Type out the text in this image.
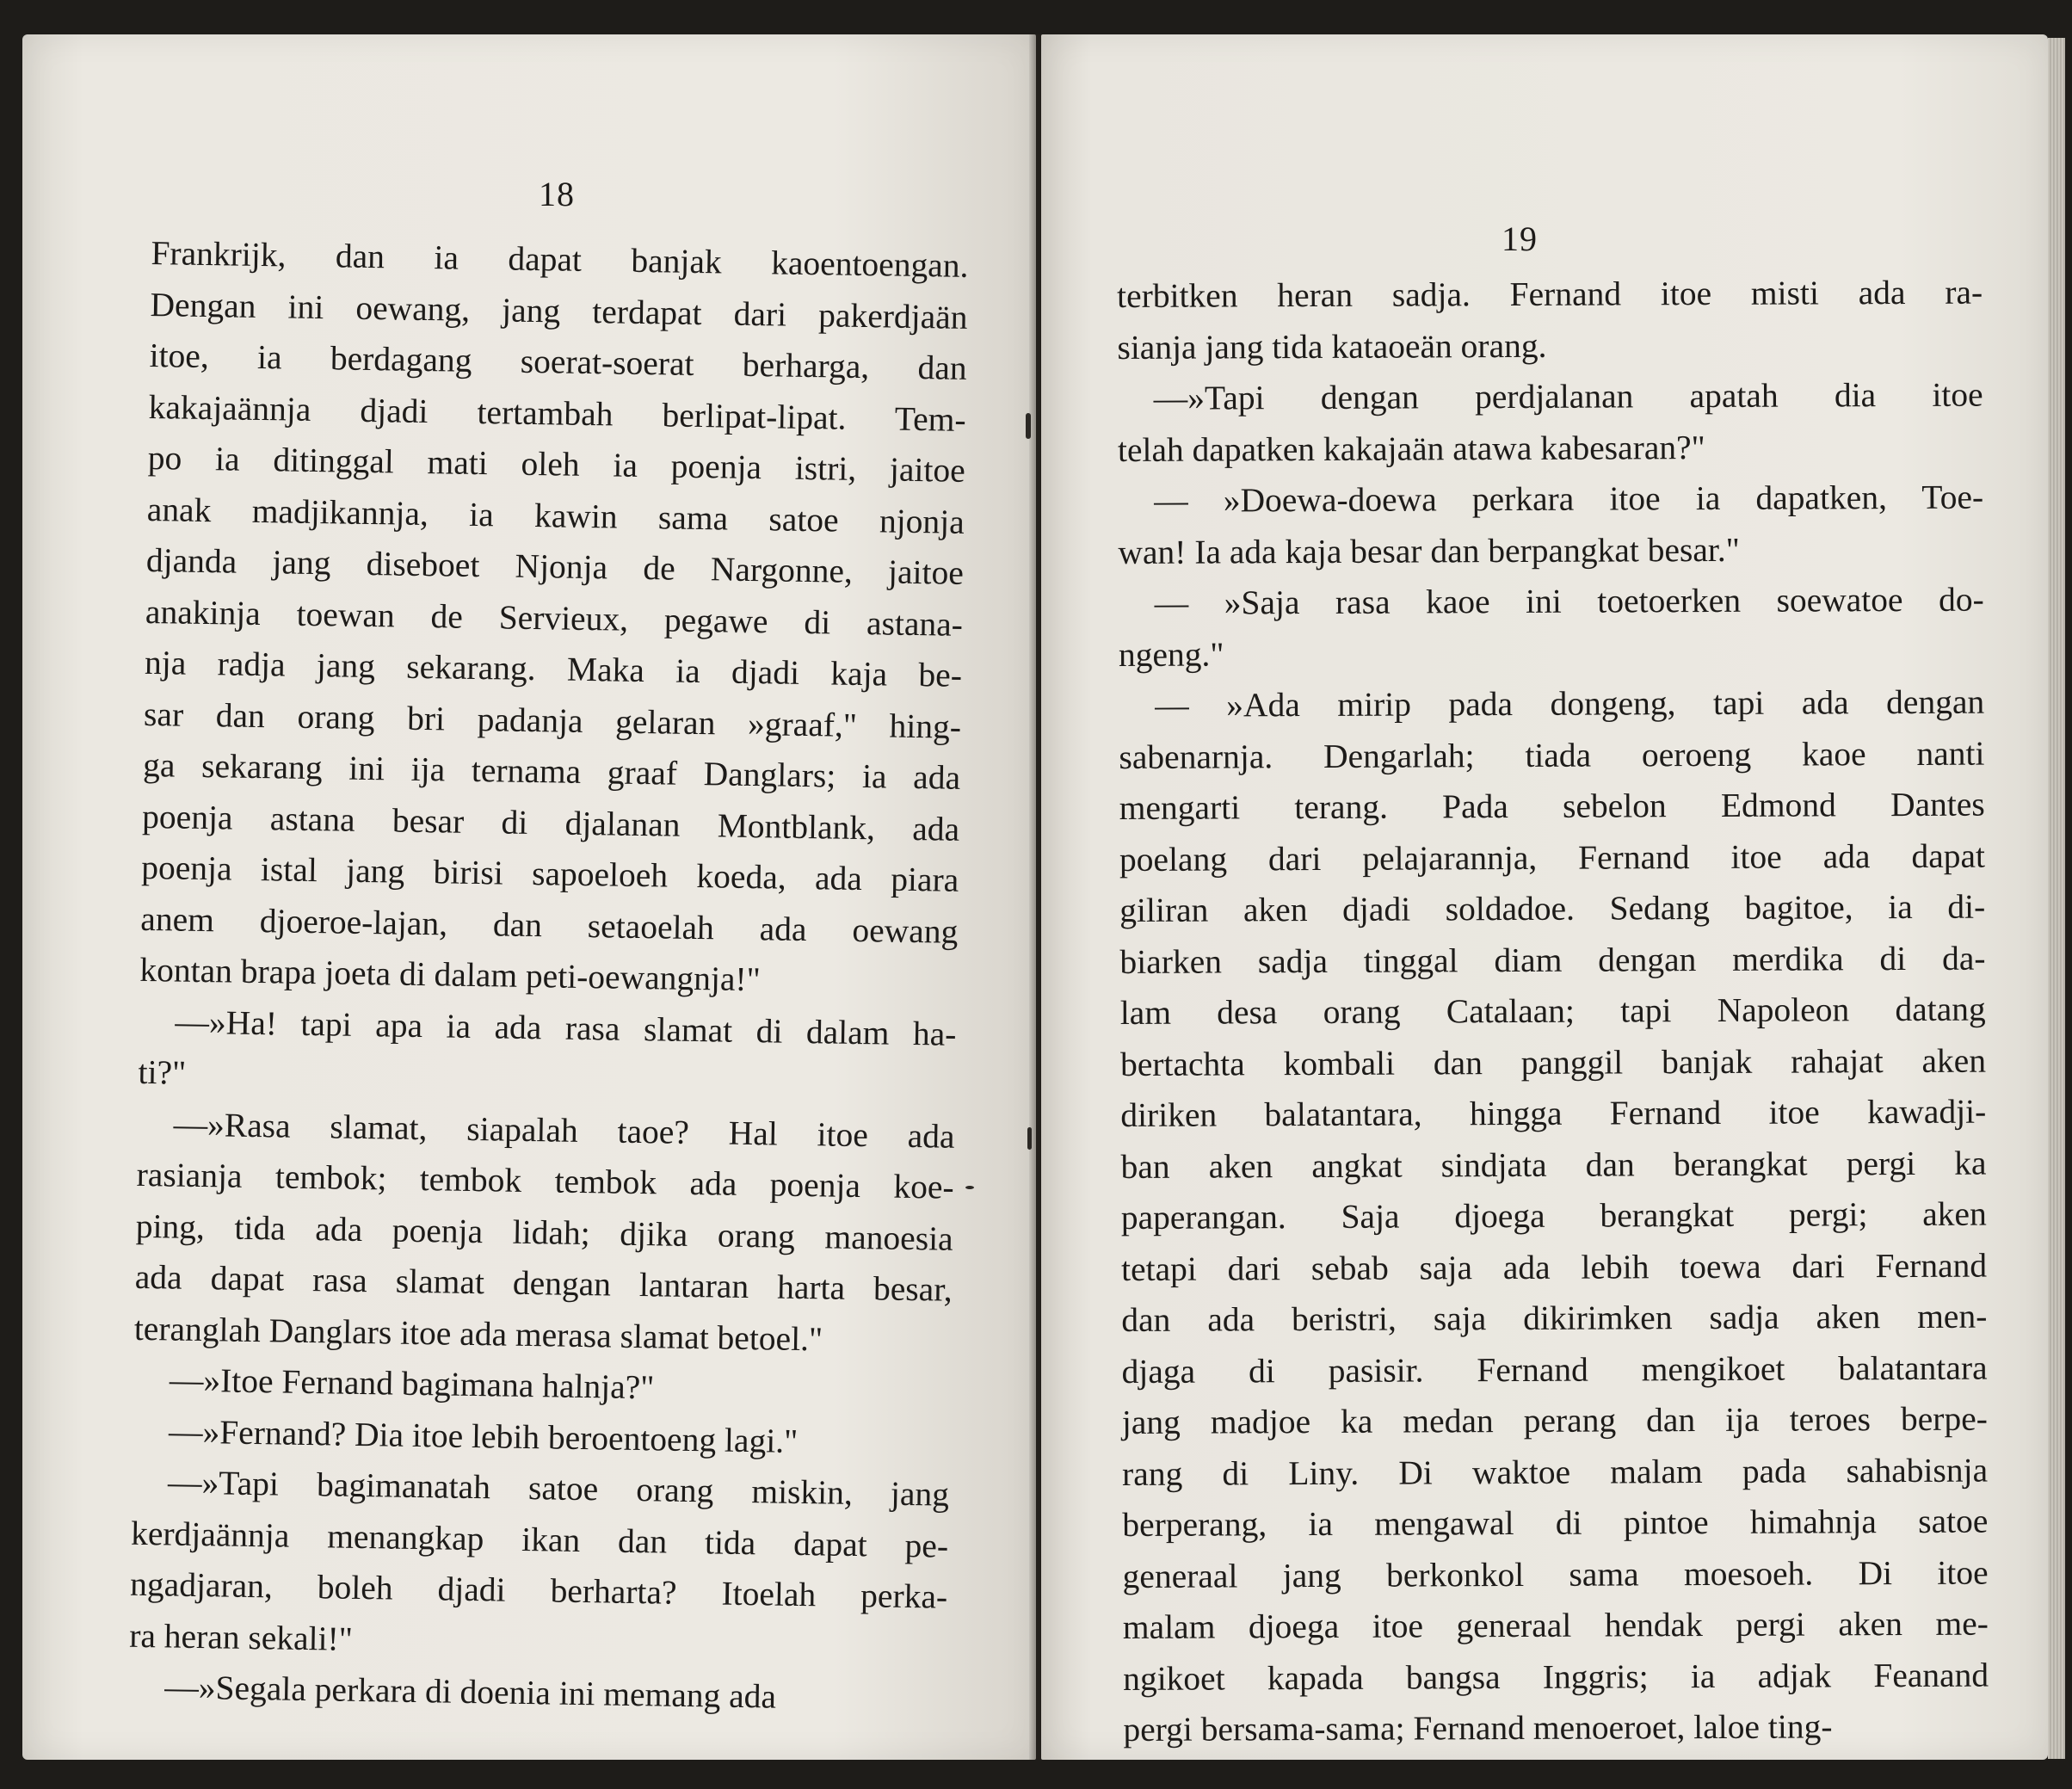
18
Frankrijk, dan ia dapat banjak kaoentoengan.
Dengan ini oewang, jang terdapat dari pakerdjaän
itoe, ia berdagang soerat-soerat berharga, dan
kakajaännja djadi tertambah berlipat-lipat. Tem-
po ia ditinggal mati oleh ia poenja istri, jaitoe
anak madjikannja, ia kawin sama satoe njonja
djanda jang diseboet Njonja de Nargonne, jaitoe
anakinja toewan de Servieux, pegawe di astana-
nja radja jang sekarang. Maka ia djadi kaja be-
sar dan orang bri padanja gelaran »graaf," hing-
ga sekarang ini ija ternama graaf Danglars; ia ada
poenja astana besar di djalanan Montblank, ada
poenja istal jang birisi sapoeloeh koeda, ada piara
anem djoeroe-lajan, dan setaoelah ada oewang
kontan brapa joeta di dalam peti-oewangnja!"
—»Ha! tapi apa ia ada rasa slamat di dalam ha-
ti?"
—»Rasa slamat, siapalah taoe? Hal itoe ada
rasianja tembok; tembok tembok ada poenja koe-
ping, tida ada poenja lidah; djika orang manoesia
ada dapat rasa slamat dengan lantaran harta besar,
teranglah Danglars itoe ada merasa slamat betoel."
—»Itoe Fernand bagimana halnja?"
—»Fernand? Dia itoe lebih beroentoeng lagi."
—»Tapi bagimanatah satoe orang miskin, jang
kerdjaännja menangkap ikan dan tida dapat pe-
ngadjaran, boleh djadi berharta? Itoelah perka-
ra heran sekali!"
—»Segala perkara di doenia ini memang ada
19
terbitken heran sadja. Fernand itoe misti ada ra-
sianja jang tida kataoeän orang.
—»Tapi dengan perdjalanan apatah dia itoe
telah dapatken kakajaän atawa kabesaran?"
— »Doewa-doewa perkara itoe ia dapatken, Toe-
wan! Ia ada kaja besar dan berpangkat besar."
— »Saja rasa kaoe ini toetoerken soewatoe do-
ngeng."
— »Ada mirip pada dongeng, tapi ada dengan
sabenarnja. Dengarlah; tiada oeroeng kaoe nanti
mengarti terang. Pada sebelon Edmond Dantes
poelang dari pelajarannja, Fernand itoe ada dapat
giliran aken djadi soldadoe. Sedang bagitoe, ia di-
biarken sadja tinggal diam dengan merdika di da-
lam desa orang Catalaan; tapi Napoleon datang
bertachta kombali dan panggil banjak rahajat aken
diriken balatantara, hingga Fernand itoe kawadji-
ban aken angkat sindjata dan berangkat pergi ka
paperangan. Saja djoega berangkat pergi; aken
tetapi dari sebab saja ada lebih toewa dari Fernand
dan ada beristri, saja dikirimken sadja aken men-
djaga di pasisir. Fernand mengikoet balatantara
jang madjoe ka medan perang dan ija teroes berpe-
rang di Liny. Di waktoe malam pada sahabisnja
berperang, ia mengawal di pintoe himahnja satoe
generaal jang berkonkol sama moesoeh. Di itoe
malam djoega itoe generaal hendak pergi aken me-
ngikoet kapada bangsa Inggris; ia adjak Feanand
pergi bersama-sama; Fernand menoeroet, laloe ting-
